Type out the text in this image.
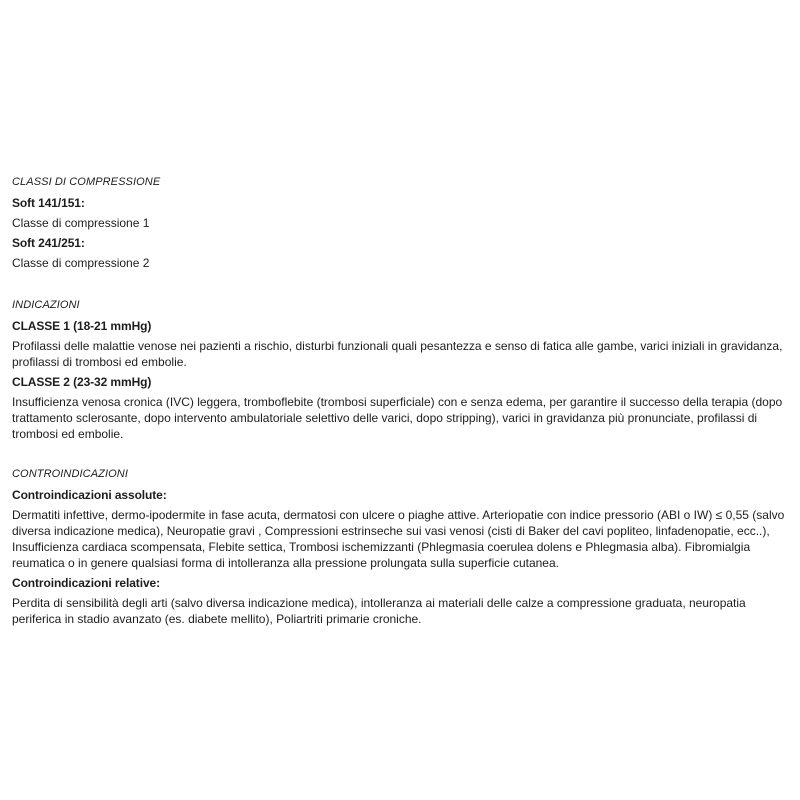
CLASSI DI COMPRESSIONE

Soft 141/151:

Classe di compressione 1

Soft 241/251:

Classe di compressione 2

INDICAZIONI

CLASSE 1 (18-21 mmHg)

Profilassi delle malattie venose nei pazienti a rischio, disturbi funzionali quali pesantezza e senso di fatica alle gambe, varici iniziali in gravidanza, profilassi di trombosi ed embolie.

CLASSE 2 (23-32 mmHg)

Insufficienza venosa cronica (IVC) leggera, tromboflebite (trombosi superficiale) con e senza edema, per garantire il successo della terapia (dopo trattamento sclerosante, dopo intervento ambulatoriale selettivo delle varici, dopo stripping), varici in gravidanza più pronunciate, profilassi di trombosi ed embolie.

CONTROINDICAZIONI

Controindicazioni assolute:

Dermatiti infettive, dermo-ipodermite in fase acuta, dermatosi con ulcere o piaghe attive. Arteriopatie con indice pressorio (ABI o IW) ≤ 0,55 (salvo diversa indicazione medica), Neuropatie gravi , Compressioni estrinseche sui vasi venosi (cisti di Baker del cavi popliteo, linfadenopatie, ecc..), Insufficienza cardiaca scompensata, Flebite settica, Trombosi ischemizzanti (Phlegmasia coerulea dolens e Phlegmasia alba). Fibromialgia reumatica o in genere qualsiasi forma di intolleranza alla pressione prolungata sulla superficie cutanea.

Controindicazioni relative:

Perdita di sensibilità degli arti (salvo diversa indicazione medica), intolleranza ai materiali delle calze a compressione graduata, neuropatia periferica in stadio avanzato (es. diabete mellito), Poliartriti primarie croniche.
